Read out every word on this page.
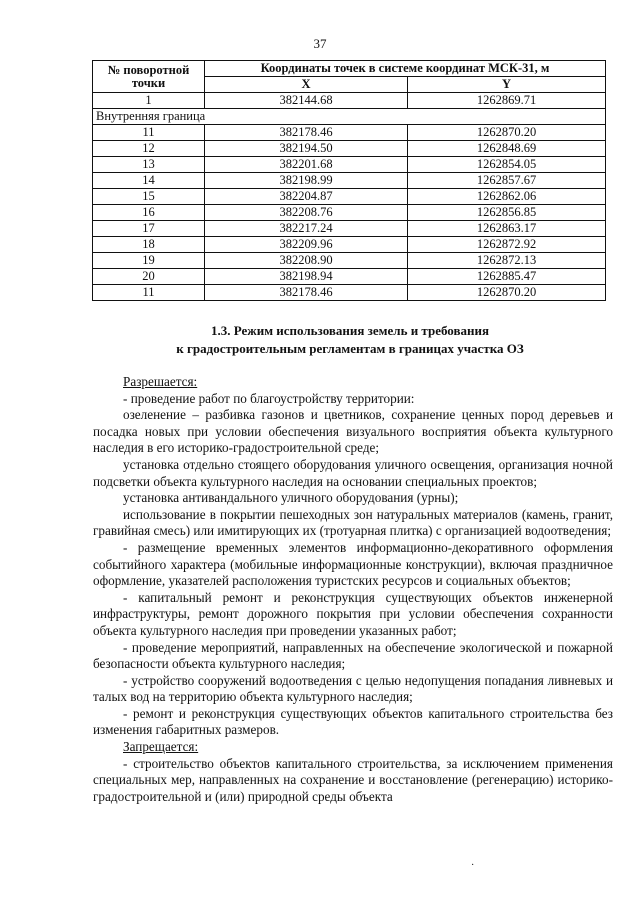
37
№ поворотной точки	Координаты точек в системе координат МСК-31, м	
	X	Y
1	382144.68	1262869.71
Внутренняя граница		
11	382178.46	1262870.20
12	382194.50	1262848.69
13	382201.68	1262854.05
14	382198.99	1262857.67
15	382204.87	1262862.06
16	382208.76	1262856.85
17	382217.24	1262863.17
18	382209.96	1262872.92
19	382208.90	1262872.13
20	382198.94	1262885.47
11	382178.46	1262870.20
1.3. Режим использования земель и требования
к градостроительным регламентам в границах участка ОЗ

Разрешается:

- проведение работ по благоустройству территории:

озеленение – разбивка газонов и цветников, сохранение ценных пород деревьев и посадка новых при условии обеспечения визуального восприятия объекта культурного наследия в его историко-градостроительной среде;

установка отдельно стоящего оборудования уличного освещения, организация ночной подсветки объекта культурного наследия на основании специальных проектов;

установка антивандального уличного оборудования (урны);

использование в покрытии пешеходных зон натуральных материалов (камень, гранит, гравийная смесь) или имитирующих их (тротуарная плитка) с организацией водоотведения;

- размещение временных элементов информационно-декоративного оформления событийного характера (мобильные информационные конструкции), включая праздничное оформление, указателей расположения туристских ресурсов и социальных объектов;

- капитальный ремонт и реконструкция существующих объектов инженерной инфраструктуры, ремонт дорожного покрытия при условии обеспечения сохранности объекта культурного наследия при проведении указанных работ;

- проведение мероприятий, направленных на обеспечение экологической и пожарной безопасности объекта культурного наследия;

- устройство сооружений водоотведения с целью недопущения попадания ливневых и талых вод на территорию объекта культурного наследия;

- ремонт и реконструкция существующих объектов капитального строительства без изменения габаритных размеров.

Запрещается:

- строительство объектов капитального строительства, за исключением применения специальных мер, направленных на сохранение и восстановление (регенерацию) историко-градостроительной и (или) природной среды объекта

·
